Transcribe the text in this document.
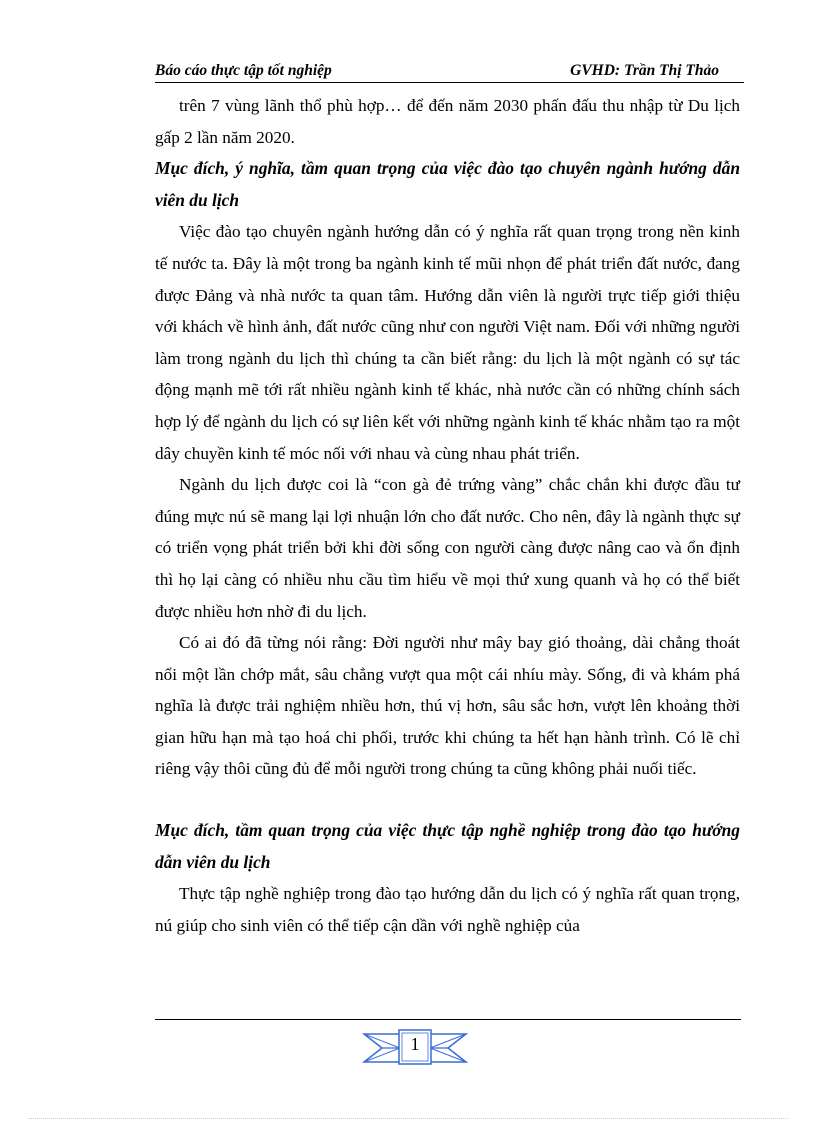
Báo cáo thực tập tốt nghiệp	GVHD: Trần Thị Thảo

trên 7 vùng lãnh thổ phù hợp… để đến năm 2030 phấn đấu thu nhập từ Du lịch gấp 2 lần năm 2020.

Mục đích, ý nghĩa, tầm quan trọng của việc đào tạo chuyên ngành hướng dẫn viên du lịch

Việc đào tạo chuyên ngành hướng dẫn có ý nghĩa rất quan trọng trong nền kinh tế nước ta. Đây là một trong ba ngành kinh tế mũi nhọn để phát triển đất nước, đang được Đảng và nhà nước ta quan tâm. Hướng dẫn viên là người trực tiếp giới thiệu với khách về hình ảnh, đất nước cũng như con người Việt nam. Đối với những người làm trong ngành du lịch thì chúng ta cần biết rằng: du lịch là một ngành có sự tác động mạnh mẽ tới rất nhiều ngành kinh tế khác, nhà nước cần có những chính sách hợp lý để ngành du lịch có sự liên kết với những ngành kinh tế khác nhằm tạo ra một dây chuyền kinh tế móc nối với nhau và cùng nhau phát triển.

Ngành du lịch được coi là “con gà đẻ trứng vàng” chắc chắn khi được đầu tư đúng mực nú sẽ mang lại lợi nhuận lớn cho đất nước. Cho nên, đây là ngành thực sự có triển vọng phát triển bởi khi đời sống con người càng được nâng cao và ổn định thì họ lại càng có nhiều nhu cầu tìm hiểu về mọi thứ xung quanh và họ có thể biết được nhiều hơn nhờ đi du lịch.

Có ai đó đã từng nói rằng: Đời người như mây bay gió thoảng, dài chẳng thoát nổi một lần chớp mắt, sâu chẳng vượt qua một cái nhíu mày. Sống, đi và khám phá nghĩa là được trải nghiệm nhiều hơn, thú vị hơn, sâu sắc hơn, vượt lên khoảng thời gian hữu hạn mà tạo hoá chi phối, trước khi chúng ta hết hạn hành trình. Có lẽ chỉ riêng vậy thôi cũng đủ để mỗi người trong chúng ta cũng không phải nuối tiếc.

Mục đích, tầm quan trọng của việc thực tập nghề nghiệp trong đào tạo hướng dẫn viên du lịch

Thực tập nghề nghiệp trong đào tạo hướng dẫn du lịch có ý nghĩa rất quan trọng, nú giúp cho sinh viên có thể tiếp cận dần với nghề nghiệp của

1
